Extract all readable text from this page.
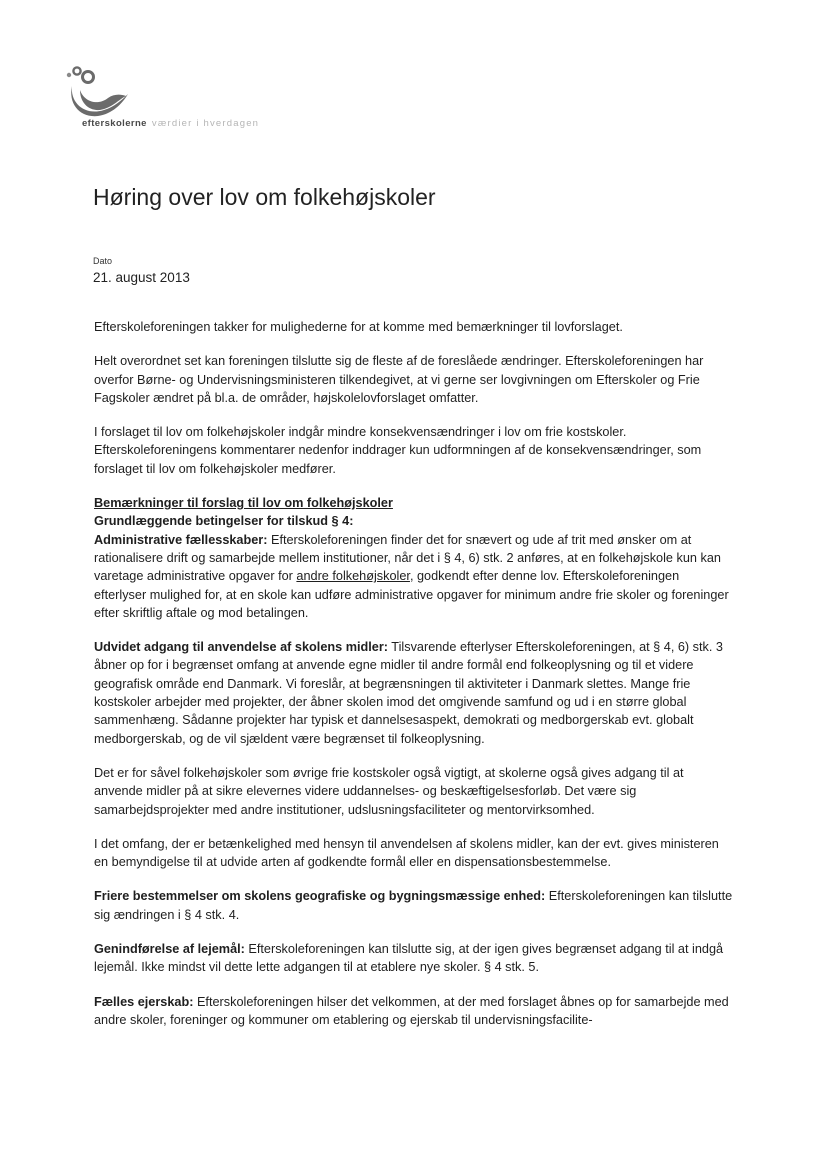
efterskolerne værdier i hverdagen
Høring over lov om folkehøjskoler
Dato
21. august 2013

Efterskoleforeningen takker for mulighederne for at komme med bemærkninger til lovforslaget.

Helt overordnet set kan foreningen tilslutte sig de fleste af de foreslåede ændringer. Efterskoleforeningen har overfor Børne- og Undervisningsministeren tilkendegivet, at vi gerne ser lovgivningen om Efterskoler og Frie Fagskoler ændret på bl.a. de områder, højskolelovforslaget omfatter.

I forslaget til lov om folkehøjskoler indgår mindre konsekvensændringer i lov om frie kostskoler. Efterskoleforeningens kommentarer nedenfor inddrager kun udformningen af de konsekvensændringer, som forslaget til lov om folkehøjskoler medfører.

Bemærkninger til forslag til lov om folkehøjskoler
Grundlæggende betingelser for tilskud § 4:

Administrative fællesskaber: Efterskoleforeningen finder det for snævert og ude af trit med ønsker om at rationalisere drift og samarbejde mellem institutioner, når det i § 4, 6) stk. 2 anføres, at en folkehøjskole kun kan varetage administrative opgaver for andre folkehøjskoler, godkendt efter denne lov. Efterskoleforeningen efterlyser mulighed for, at en skole kan udføre administrative opgaver for minimum andre frie skoler og foreninger efter skriftlig aftale og mod betalingen.

Udvidet adgang til anvendelse af skolens midler: Tilsvarende efterlyser Efterskoleforeningen, at § 4, 6) stk. 3 åbner op for i begrænset omfang at anvende egne midler til andre formål end folkeoplysning og til et videre geografisk område end Danmark. Vi foreslår, at begrænsningen til aktiviteter i Danmark slettes. Mange frie kostskoler arbejder med projekter, der åbner skolen imod det omgivende samfund og ud i en større global sammenhæng. Sådanne projekter har typisk et dannelsesaspekt, demokrati og medborgerskab evt. globalt medborgerskab, og de vil sjældent være begrænset til folkeoplysning.

Det er for såvel folkehøjskoler som øvrige frie kostskoler også vigtigt, at skolerne også gives adgang til at anvende midler på at sikre elevernes videre uddannelses- og beskæftigelsesforløb. Det være sig samarbejdsprojekter med andre institutioner, udslusningsfaciliteter og mentorvirksomhed.

I det omfang, der er betænkelighed med hensyn til anvendelsen af skolens midler, kan der evt. gives ministeren en bemyndigelse til at udvide arten af godkendte formål eller en dispensationsbestemmelse.

Friere bestemmelser om skolens geografiske og bygningsmæssige enhed: Efterskoleforeningen kan tilslutte sig ændringen i § 4 stk. 4.

Genindførelse af lejemål: Efterskoleforeningen kan tilslutte sig, at der igen gives begrænset adgang til at indgå lejemål. Ikke mindst vil dette lette adgangen til at etablere nye skoler. § 4 stk. 5.

Fælles ejerskab: Efterskoleforeningen hilser det velkommen, at der med forslaget åbnes op for samarbejde med andre skoler, foreninger og kommuner om etablering og ejerskab til undervisningsfacilite-
